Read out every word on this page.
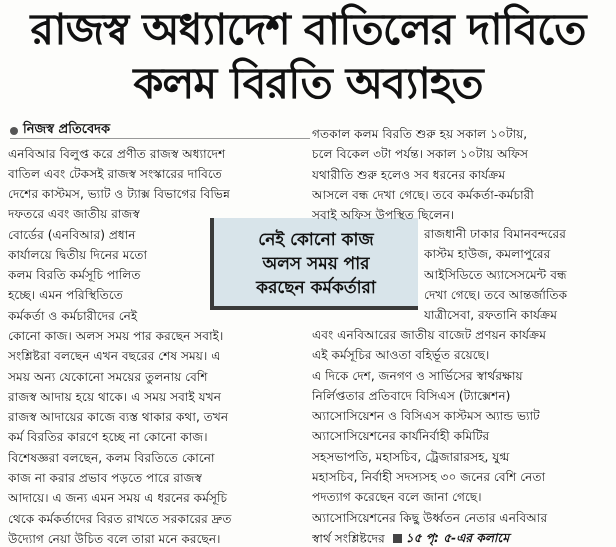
রাজস্ব অধ্যাদেশ বাতিলের দাবিতে
কলম বিরতি অব্যাহত
নিজস্ব প্রতিবেদক

এনবিআর বিলুপ্ত করে প্রণীত রাজস্ব অধ্যাদেশ

বাতিল এবং টেকসই রাজস্ব সংস্কারের দাবিতে

দেশের কাস্টমস, ভ্যাট ও ট্যাক্স বিভাগের বিভিন্ন

দফতরে এবং জাতীয় রাজস্ব

বোর্ডের (এনবিআর) প্রধান

কার্যালয়ে দ্বিতীয় দিনের মতো

কলম বিরতি কর্মসূচি পালিত

হচ্ছে। এমন পরিস্থিতিতে

কর্মকর্তা ও কর্মচারীদের নেই

কোনো কাজ। অলস সময় পার করছেন সবাই।

সংশ্লিষ্টরা বলছেন এখন বছরের শেষ সময়। এ

সময় অন্য যেকোনো সময়ের তুলনায় বেশি

রাজস্ব আদায় হয়ে থাকে। এ সময় সবাই যখন

রাজস্ব আদায়ের কাজে ব্যস্ত থাকার কথা, তখন

কর্ম বিরতির কারণে হচ্ছে না কোনো কাজ।

বিশেষজ্ঞরা বলছেন, কলম বিরতিতে কোনো

কাজ না করার প্রভাব পড়তে পারে রাজস্ব

আদায়ে। এ জন্য এমন সময় এ ধরনের কর্মসূচি

থেকে কর্মকর্তাদের বিরত রাখতে সরকারের দ্রুত

উদ্যোগ নেয়া উচিত বলে তারা মনে করছেন।

নেই কোনো কাজ
অলস সময় পার
করছেন কর্মকর্তারা

গতকাল কলম বিরতি শুরু হয় সকাল ১০টায়,

চলে বিকেল ৩টা পর্যন্ত। সকাল ১০টায় অফিস

যথারীতি শুরু হলেও সব ধরনের কার্যক্রম

আসলে বন্ধ দেখা গেছে। তবে কর্মকর্তা-কর্মচারী

সবাই অফিস উপস্থিত ছিলেন।

রাজধানী ঢাকার বিমানবন্দরের

কাস্টম হাউজ, কমলাপুরের

আইসিডিতে অ্যাসেসমেন্ট বন্ধ

দেখা গেছে। তবে আন্তর্জাতিক

যাত্রীসেবা, রফতানি কার্যক্রম

এবং এনবিআরের জাতীয় বাজেট প্রণয়ন কার্যক্রম

এই কর্মসূচির আওতা বহির্ভূত রয়েছে।

এ দিকে দেশ, জনগণ ও সার্ভিসের স্বার্থরক্ষায়

নির্লিপ্ততার প্রতিবাদে বিসিএস (ট্যাক্সেশন)

অ্যাসোসিয়েশন ও বিসিএস কাস্টমস অ্যান্ড ভ্যাট

অ্যাসোসিয়েশনের কার্যনির্বাহী কমিটির

সহসভাপতি, মহাসচিব, ট্রেজারারসহ, যুগ্ম

মহাসচিব, নির্বাহী সদস্যসহ ৩০ জনের বেশি নেতা

পদত্যাগ করেছেন বলে জানা গেছে।

অ্যাসোসিয়েশনের কিছু উর্ধ্বতন নেতার এনবিআর

স্বার্থ সংশ্লিষ্টদের ১৫ পৃ: ৫-এর কলামে
